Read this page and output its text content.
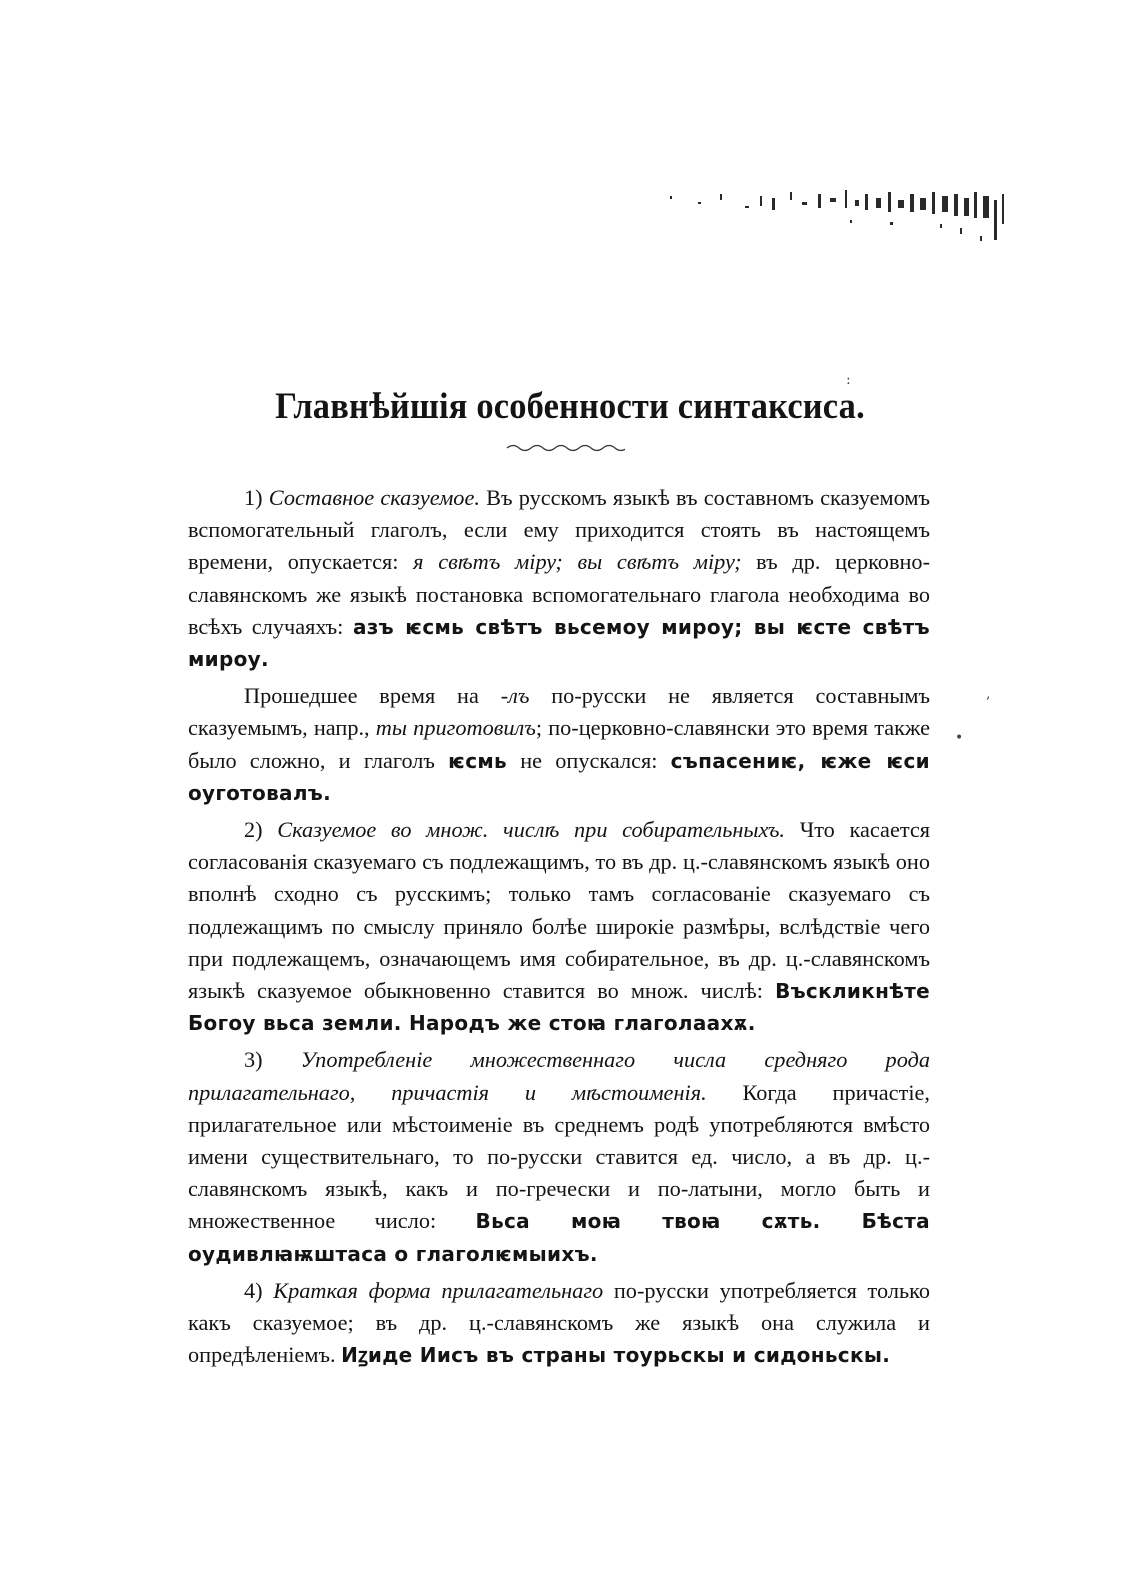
Главнѣйшія особенности синтаксиса.

1) Составное сказуемое. Въ русскомъ языкѣ въ составномъ сказуемомъ вспомогательный глаголъ, если ему приходится стоять въ настоящемъ времени, опускается: я свѣтъ міру; вы свѣтъ міру; въ др. церковно-славянскомъ же языкѣ постановка вспомогательнаго глагола необходима во всѣхъ случаяхъ: азъ ѥсмь свѣтъ вьсемоу мироу; вы ѥсте свѣтъ мироу.

Прошедшее время на -лъ по-русски не является составнымъ сказуемымъ, напр., ты приготовилъ; по-церковно-славянски это время также было сложно, и глаголъ ѥсмь не опускался: съпасениѥ, ѥже ѥси оуготовалъ.

2) Сказуемое во множ. числѣ при собирательныхъ. Что касается согласованія сказуемаго съ подлежащимъ, то въ др. ц.-славянскомъ языкѣ оно вполнѣ сходно съ русскимъ; только тамъ согласованіе сказуемаго съ подлежащимъ по смыслу приняло болѣе широкіе размѣры, вслѣдствіе чего при подлежащемъ, означающемъ имя собирательное, въ др. ц.-славянскомъ языкѣ сказуемое обыкновенно ставится во множ. числѣ: Въскликнѣте Богоу вьса земли. Народъ же стоꙗ глаголаахѫ.

3) Употребленіе множественнаго числа средняго рода прилагательнаго, причастія и мѣстоименія. Когда причастіе, прилагательное или мѣстоименіе въ среднемъ родѣ употребляются вмѣсто имени существительнаго, то по-русски ставится ед. число, а въ др. ц.-славянскомъ языкѣ, какъ и по-гречески и по-латыни, могло быть и множественное число: Вьса моꙗ твоꙗ сѫть. Бѣста оудивлꙗѭштаса о глаголѥмыихъ.

4) Краткая форма прилагательнаго по-русски употребляется только какъ сказуемое; въ др. ц.-славянскомъ же языкѣ она служила и опредѣленіемъ. Иꙁиде Иисъ въ страны тоурьскы и сидоньскы.

:
,
•
